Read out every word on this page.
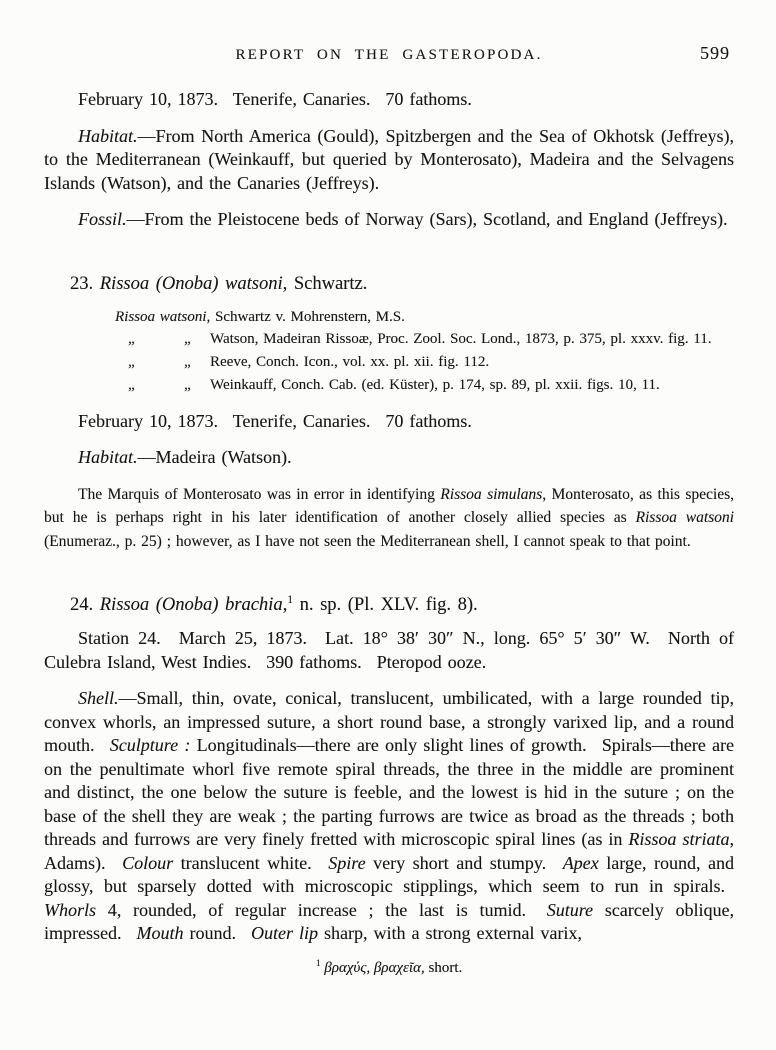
REPORT ON THE GASTEROPODA.	599

February 10, 1873.  Tenerife, Canaries.  70 fathoms.

Habitat.—From North America (Gould), Spitzbergen and the Sea of Okhotsk (Jeffreys), to the Mediterranean (Weinkauff, but queried by Monterosato), Madeira and the Selvagens Islands (Watson), and the Canaries (Jeffreys).

Fossil.—From the Pleistocene beds of Norway (Sars), Scotland, and England (Jeffreys).

23. Rissoa (Onoba) watsoni, Schwartz.

Rissoa watsoni, Schwartz v. Mohrenstern, M.S.
„	„	Watson, Madeiran Rissoæ, Proc. Zool. Soc. Lond., 1873, p. 375, pl. xxxv. fig. 11.
„	„	Reeve, Conch. Icon., vol. xx. pl. xii. fig. 112.
„	„	Weinkauff, Conch. Cab. (ed. Küster), p. 174, sp. 89, pl. xxii. figs. 10, 11.

February 10, 1873.  Tenerife, Canaries.  70 fathoms.

Habitat.—Madeira (Watson).

The Marquis of Monterosato was in error in identifying Rissoa simulans, Monterosato, as this species, but he is perhaps right in his later identification of another closely allied species as Rissoa watsoni (Enumeraz., p. 25) ; however, as I have not seen the Mediterranean shell, I cannot speak to that point.

24. Rissoa (Onoba) brachia,$^1$ n. sp. (Pl. XLV. fig. 8).

Station 24.  March 25, 1873.  Lat. 18° 38′ 30″ N., long. 65° 5′ 30″ W.  North of Culebra Island, West Indies.  390 fathoms.  Pteropod ooze.

Shell.—Small, thin, ovate, conical, translucent, umbilicated, with a large rounded tip, convex whorls, an impressed suture, a short round base, a strongly varixed lip, and a round mouth.  Sculpture : Longitudinals—there are only slight lines of growth.  Spirals—there are on the penultimate whorl five remote spiral threads, the three in the middle are prominent and distinct, the one below the suture is feeble, and the lowest is hid in the suture ; on the base of the shell they are weak ; the parting furrows are twice as broad as the threads ; both threads and furrows are very finely fretted with microscopic spiral lines (as in Rissoa striata, Adams).  Colour translucent white.  Spire very short and stumpy.  Apex large, round, and glossy, but sparsely dotted with microscopic stipplings, which seem to run in spirals.  Whorls 4, rounded, of regular increase ; the last is tumid.  Suture scarcely oblique, impressed.  Mouth round.  Outer lip sharp, with a strong external varix,

$^1$ βραχύς, βραχεῖα, short.
